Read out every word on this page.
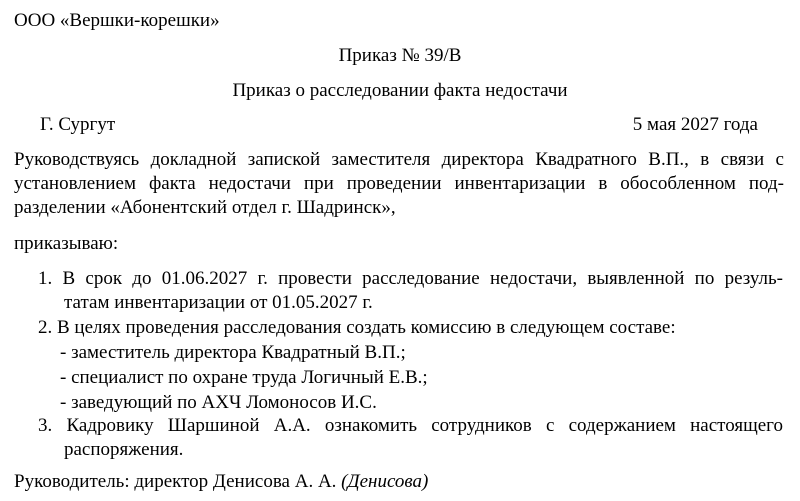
ООО «Вершки-корешки»
Приказ № 39/В
Приказ о расследовании факта недостачи
Г. Сургут	5 мая 2027 года
Руководствуясь докладной запиской заместителя директора Квадратного В.П., в связи с
установлением факта недостачи при проведении инвентаризации в обособленном под-
разделении «Абонентский отдел г. Шадринск»,
приказываю:
1. В срок до 01.06.2027 г. провести расследование недостачи, выявленной по резуль-
татам инвентаризации от 01.05.2027 г.
2. В целях проведения расследования создать комиссию в следующем составе:
- заместитель директора Квадратный В.П.;
- специалист по охране труда Логичный Е.В.;
- заведующий по АХЧ Ломоносов И.С.
3. Кадровику Шаршиной А.А. ознакомить сотрудников с содержанием настоящего
распоряжения.
Руководитель: директор Денисова А. А. (Денисова)
